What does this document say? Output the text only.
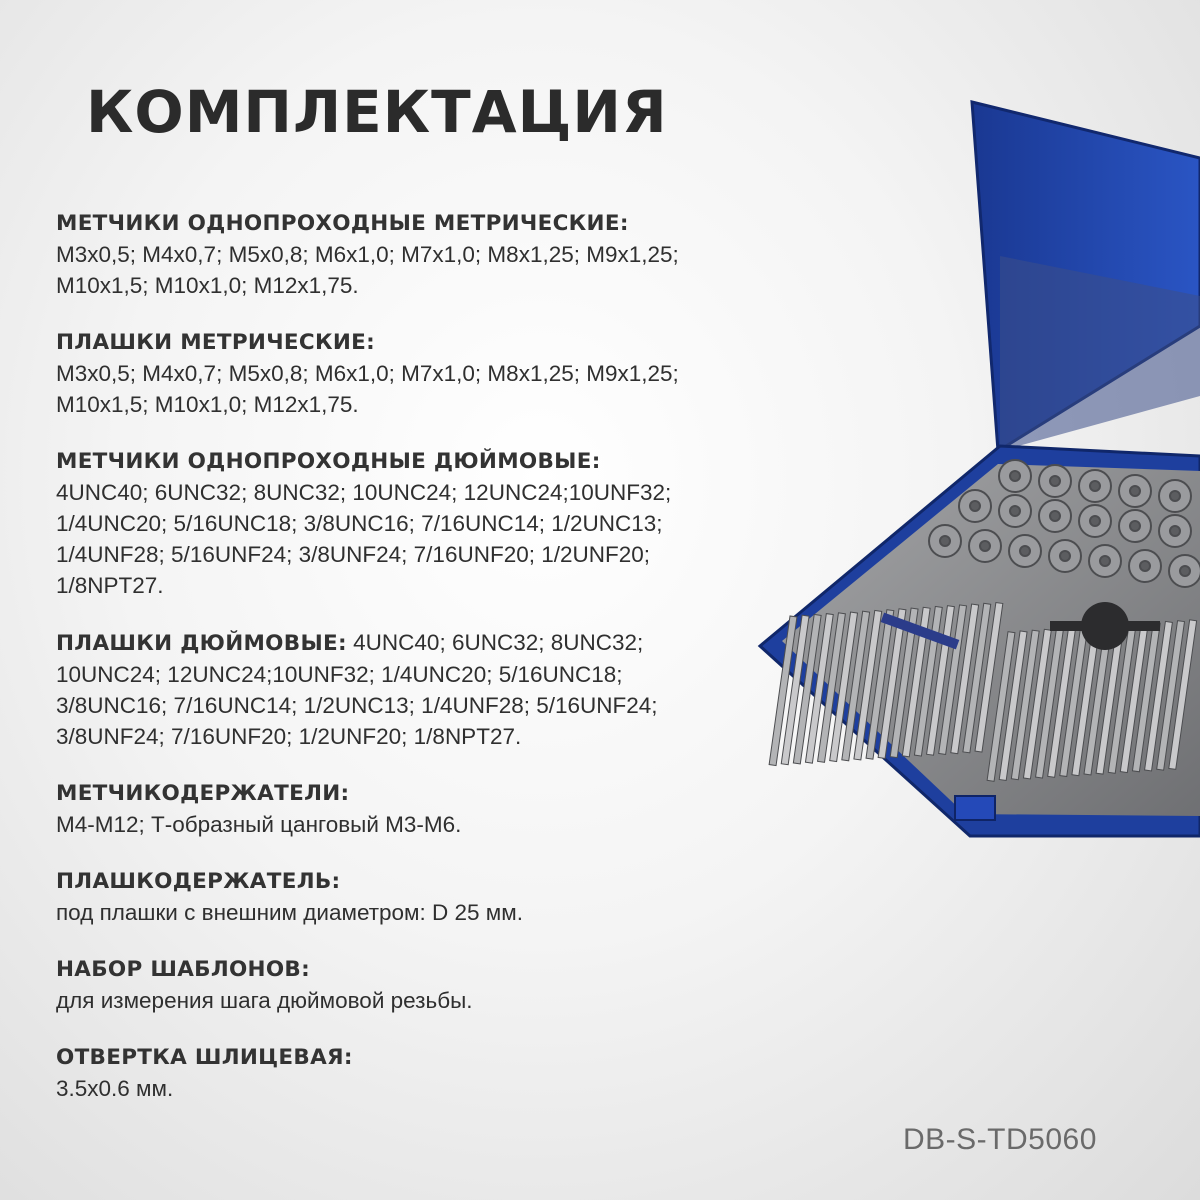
КОМПЛЕКТАЦИЯ
МЕТЧИКИ ОДНОПРОХОДНЫЕ МЕТРИЧЕСКИЕ:
М3х0,5; М4х0,7; М5х0,8; М6х1,0; М7х1,0; М8х1,25; М9х1,25;
М10х1,5; М10х1,0; М12х1,75.
ПЛАШКИ МЕТРИЧЕСКИЕ:
М3х0,5; М4х0,7; М5х0,8; М6х1,0; М7х1,0; М8х1,25; М9х1,25;
М10х1,5; М10х1,0; М12х1,75.
МЕТЧИКИ ОДНОПРОХОДНЫЕ ДЮЙМОВЫЕ:
4UNC40; 6UNC32; 8UNC32; 10UNC24; 12UNC24;10UNF32;
1/4UNC20; 5/16UNC18; 3/8UNC16; 7/16UNC14; 1/2UNC13;
1/4UNF28; 5/16UNF24; 3/8UNF24; 7/16UNF20; 1/2UNF20;
1/8NPT27.
ПЛАШКИ ДЮЙМОВЫЕ: 4UNC40; 6UNC32; 8UNC32;
10UNC24; 12UNC24;10UNF32; 1/4UNC20; 5/16UNC18;
3/8UNC16; 7/16UNC14; 1/2UNC13; 1/4UNF28; 5/16UNF24;
3/8UNF24; 7/16UNF20; 1/2UNF20; 1/8NPT27.
МЕТЧИКОДЕРЖАТЕЛИ:
М4-М12; Т-образный цанговый М3-М6.
ПЛАШКОДЕРЖАТЕЛЬ:
под плашки с внешним диаметром: D 25 мм.
НАБОР ШАБЛОНОВ:
для измерения шага дюймовой резьбы.
ОТВЕРТКА ШЛИЦЕВАЯ:
3.5х0.6 мм.
DB-S-TD5060
